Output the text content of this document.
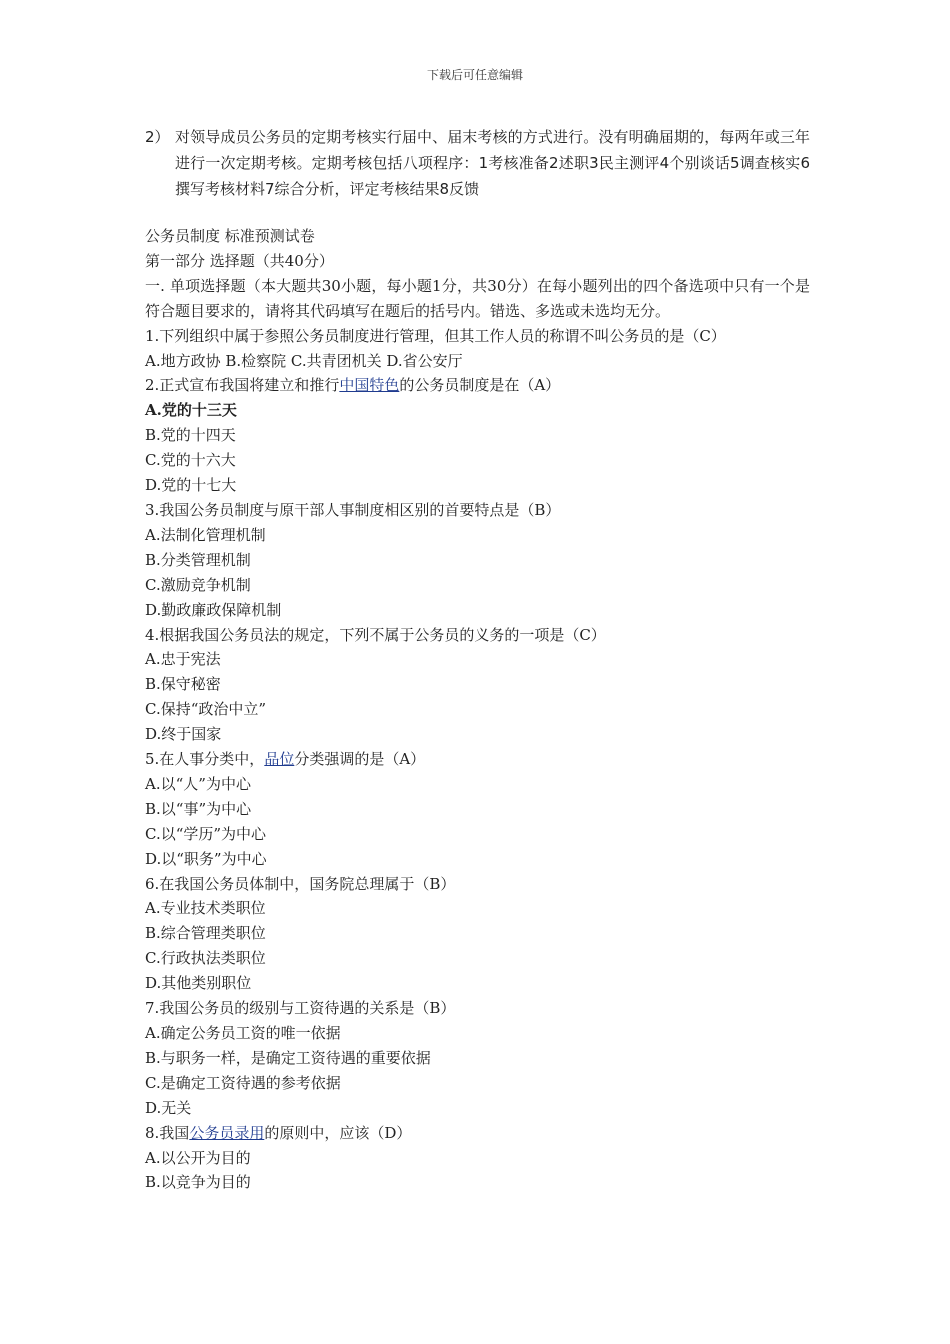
下载后可任意编辑
2） 对领导成员公务员的定期考核实行届中、届末考核的方式进行。没有明确届期的，每两年或三年进行一次定期考核。定期考核包括八项程序：1考核准备2述职3民主测评4个别谈话5调查核实6撰写考核材料7综合分析，评定考核结果8反馈
公务员制度 标准预测试卷
第一部分 选择题（共40分）
一. 单项选择题（本大题共30小题，每小题1分，共30分）在每小题列出的四个备选项中只有一个是符合题目要求的，请将其代码填写在题后的括号内。错选、多选或未选均无分。
1.下列组织中属于参照公务员制度进行管理，但其工作人员的称谓不叫公务员的是（C）
A.地方政协 B.检察院 C.共青团机关 D.省公安厅
2.正式宣布我国将建立和推行中国特色的公务员制度是在（A）
A.党的十三天
B.党的十四天
C.党的十六大
D.党的十七大
3.我国公务员制度与原干部人事制度相区别的首要特点是（B）
A.法制化管理机制
B.分类管理机制
C.激励竞争机制
D.勤政廉政保障机制
4.根据我国公务员法的规定，下列不属于公务员的义务的一项是（C）
A.忠于宪法
B.保守秘密
C.保持“政治中立”
D.终于国家
5.在人事分类中，品位分类强调的是（A）
A.以“人”为中心
B.以“事”为中心
C.以“学历”为中心
D.以“职务”为中心
6.在我国公务员体制中，国务院总理属于（B）
A.专业技术类职位
B.综合管理类职位
C.行政执法类职位
D.其他类别职位
7.我国公务员的级别与工资待遇的关系是（B）
A.确定公务员工资的唯一依据
B.与职务一样，是确定工资待遇的重要依据
C.是确定工资待遇的参考依据
D.无关
8.我国公务员录用的原则中，应该（D）
A.以公开为目的
B.以竞争为目的
